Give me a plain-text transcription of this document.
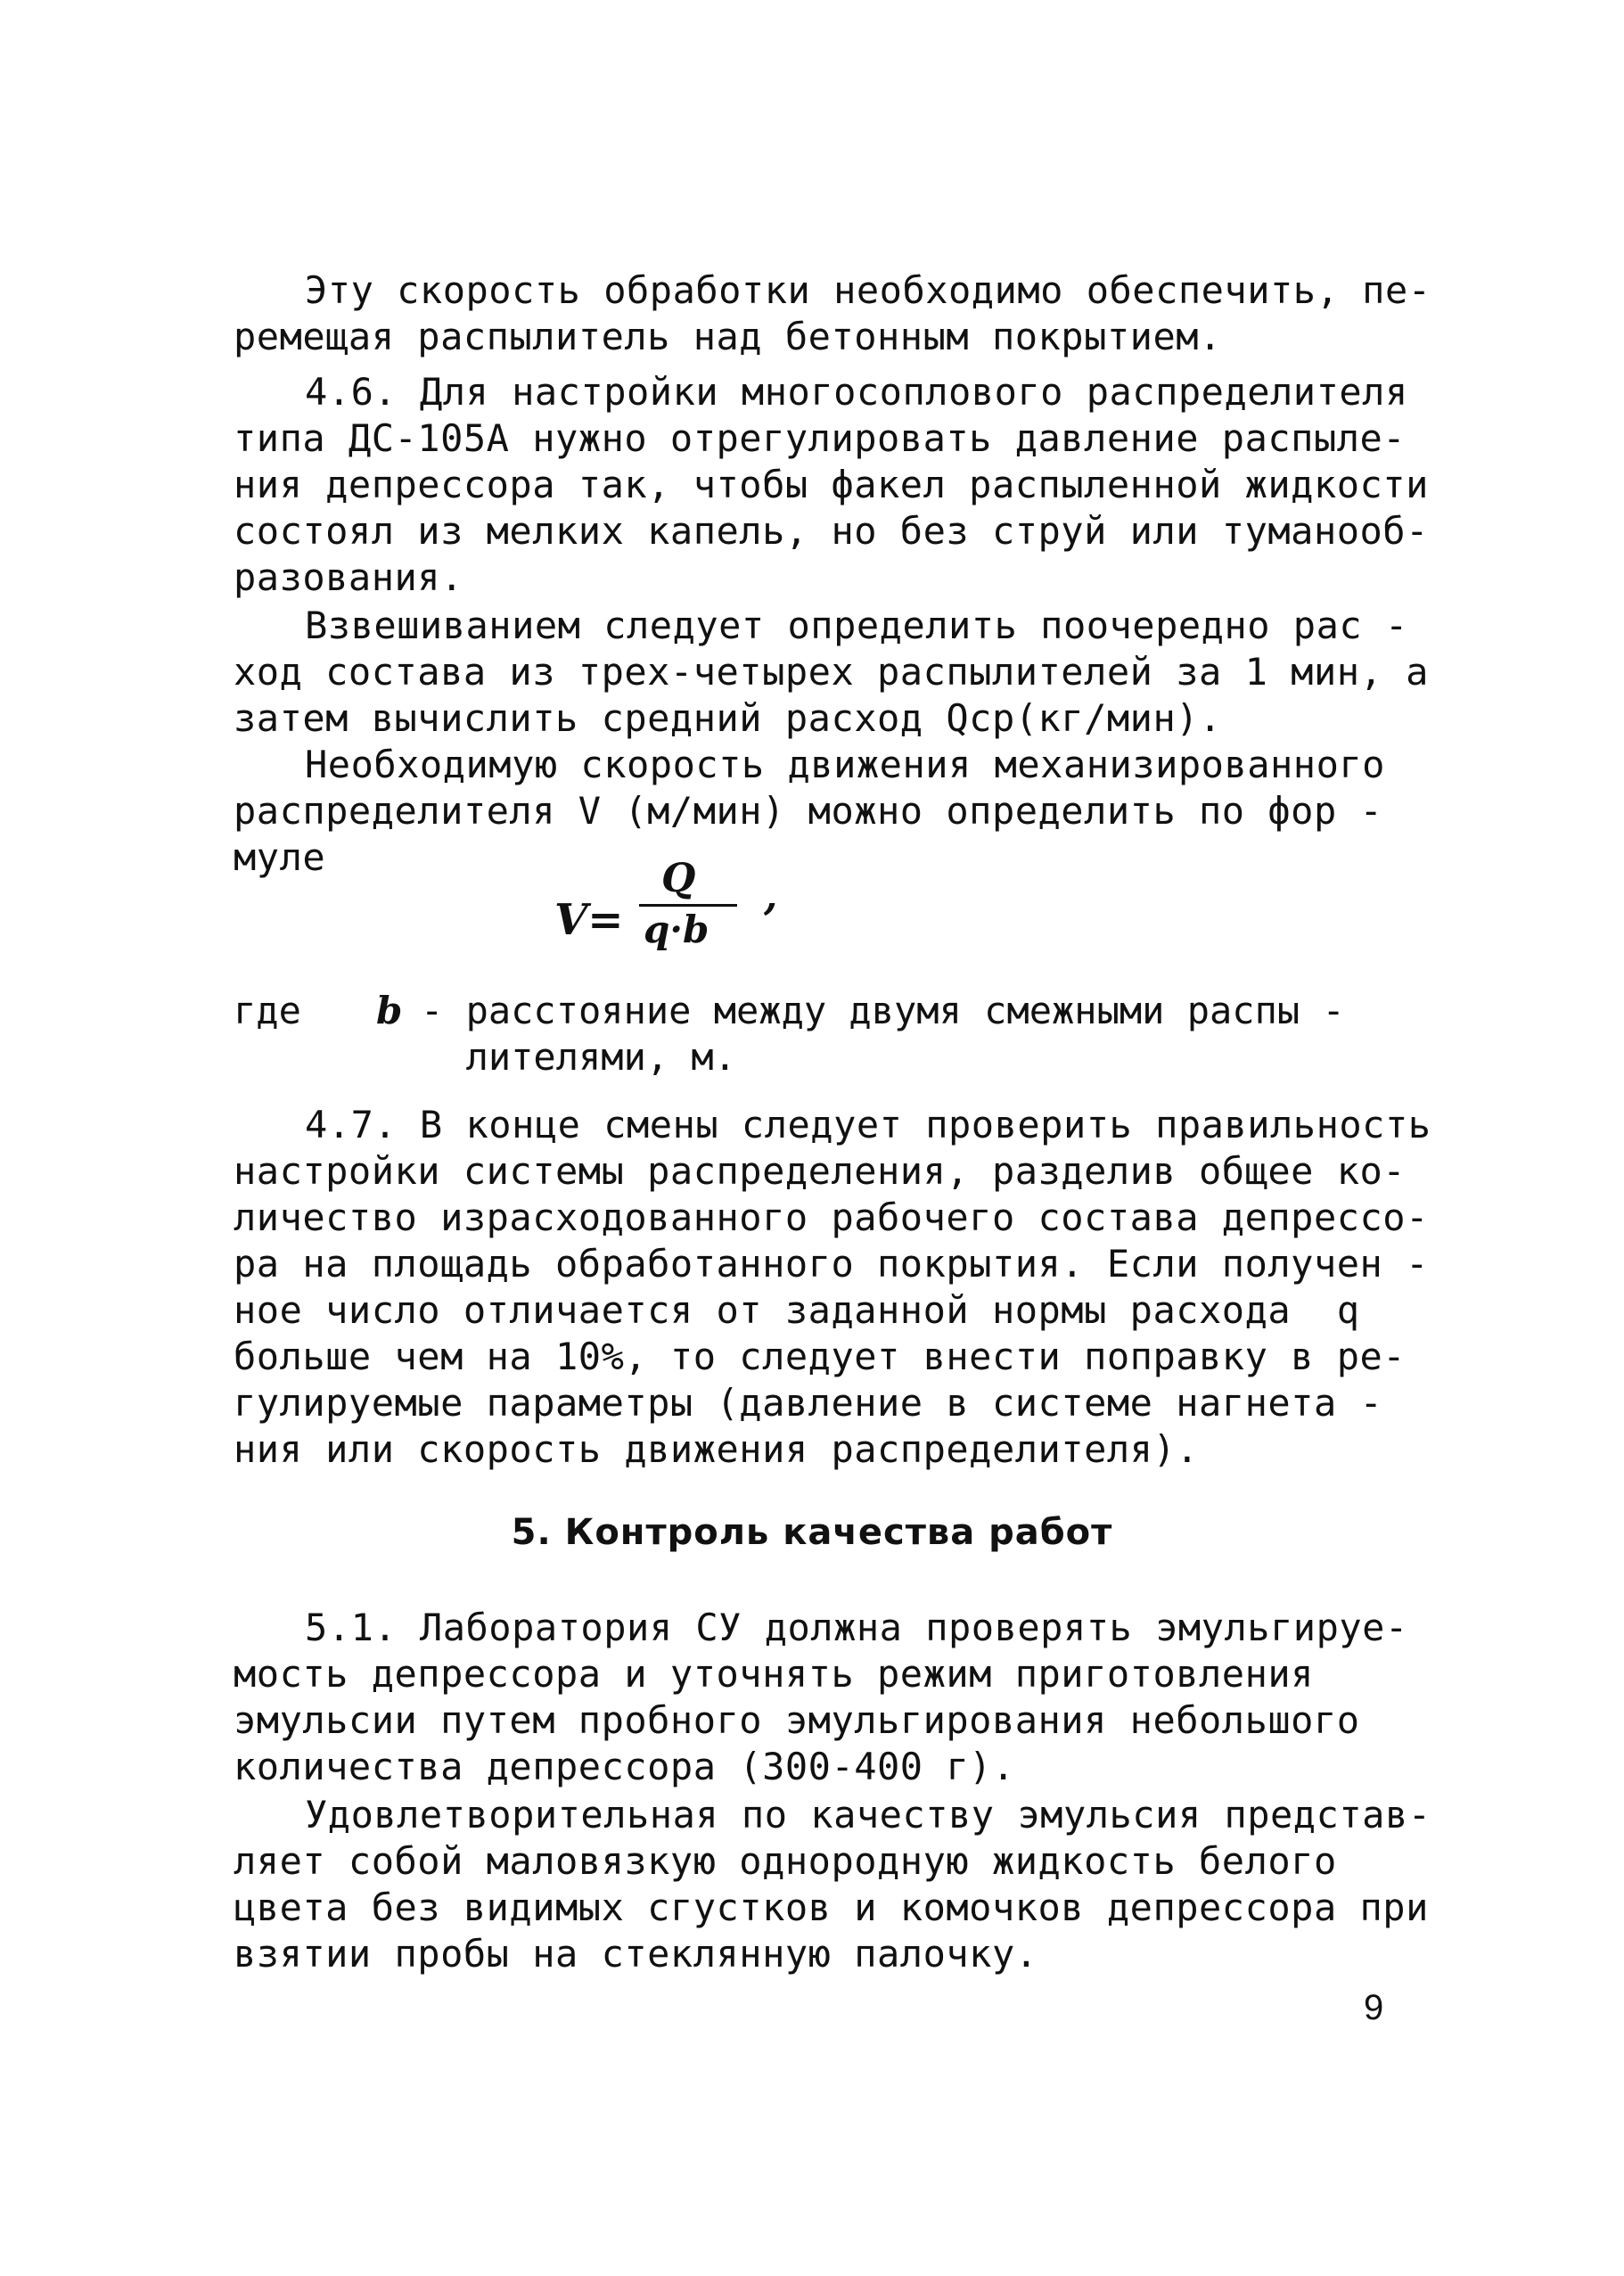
Эту скорость обработки необходимо обеспечить, пе-
ремещая распылитель над бетонным покрытием.
4.6. Для настройки многосоплового распределителя
типа ДС-105А нужно отрегулировать давление распыле-
ния депрессора так, чтобы факел распыленной жидкости
состоял из мелких капель, но без струй или туманооб-
разования.
Взвешиванием следует определить поочередно рас -
ход состава из трех-четырех распылителей за 1 мин, а
затем вычислить средний расход Qср(кг/мин).
Необходимую скорость движения механизированного
распределителя V (м/мин) можно определить по фор -
муле
V=
Q
q·b
,
где b - расстояние между двумя смежными распы -
лителями, м.
4.7. В конце смены следует проверить правильность
настройки системы распределения, разделив общее ко-
личество израсходованного рабочего состава депрессо-
ра на площадь обработанного покрытия. Если получен -
ное число отличается от заданной нормы расхода  q
больше чем на 10%, то следует внести поправку в ре-
гулируемые параметры (давление в системе нагнета -
ния или скорость движения распределителя).
5. Контроль качества работ
5.1. Лаборатория СУ должна проверять эмульгируе-
мость депрессора и уточнять режим приготовления
эмульсии путем пробного эмульгирования небольшого
количества депрессора (300-400 г).
Удовлетворительная по качеству эмульсия представ-
ляет собой маловязкую однородную жидкость белого
цвета без видимых сгустков и комочков депрессора при
взятии пробы на стеклянную палочку.
9
